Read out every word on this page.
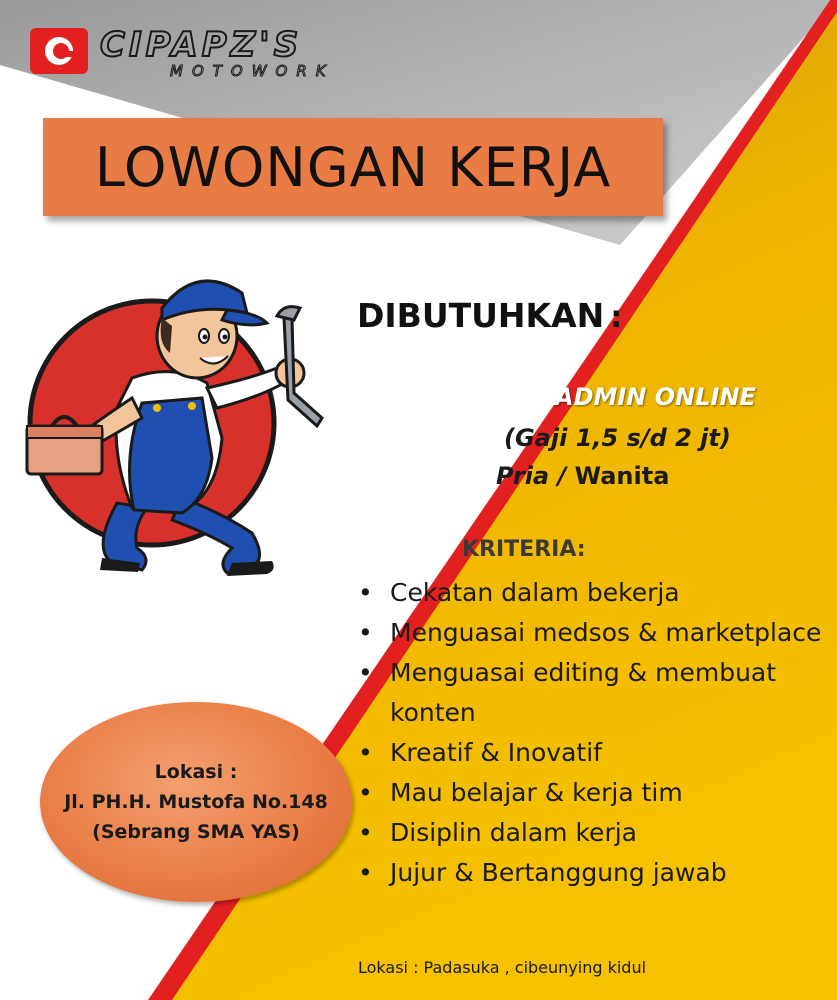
CIPAPZ'S
MOTOWORK
LOWONGAN KERJA
DIBUTUHKAN :
ADMIN ONLINE
(Gaji 1,5 s/d 2 jt)
Pria / Wanita
KRITERIA:
• Cekatan dalam bekerja
• Menguasai medsos & marketplace
• Menguasai editing & membuat konten
• Kreatif & Inovatif
• Mau belajar & kerja tim
• Disiplin dalam kerja
• Jujur & Bertanggung jawab
Lokasi :
Jl. PH.H. Mustofa No.148
(Sebrang SMA YAS)
Lokasi : Padasuka , cibeunying kidul
